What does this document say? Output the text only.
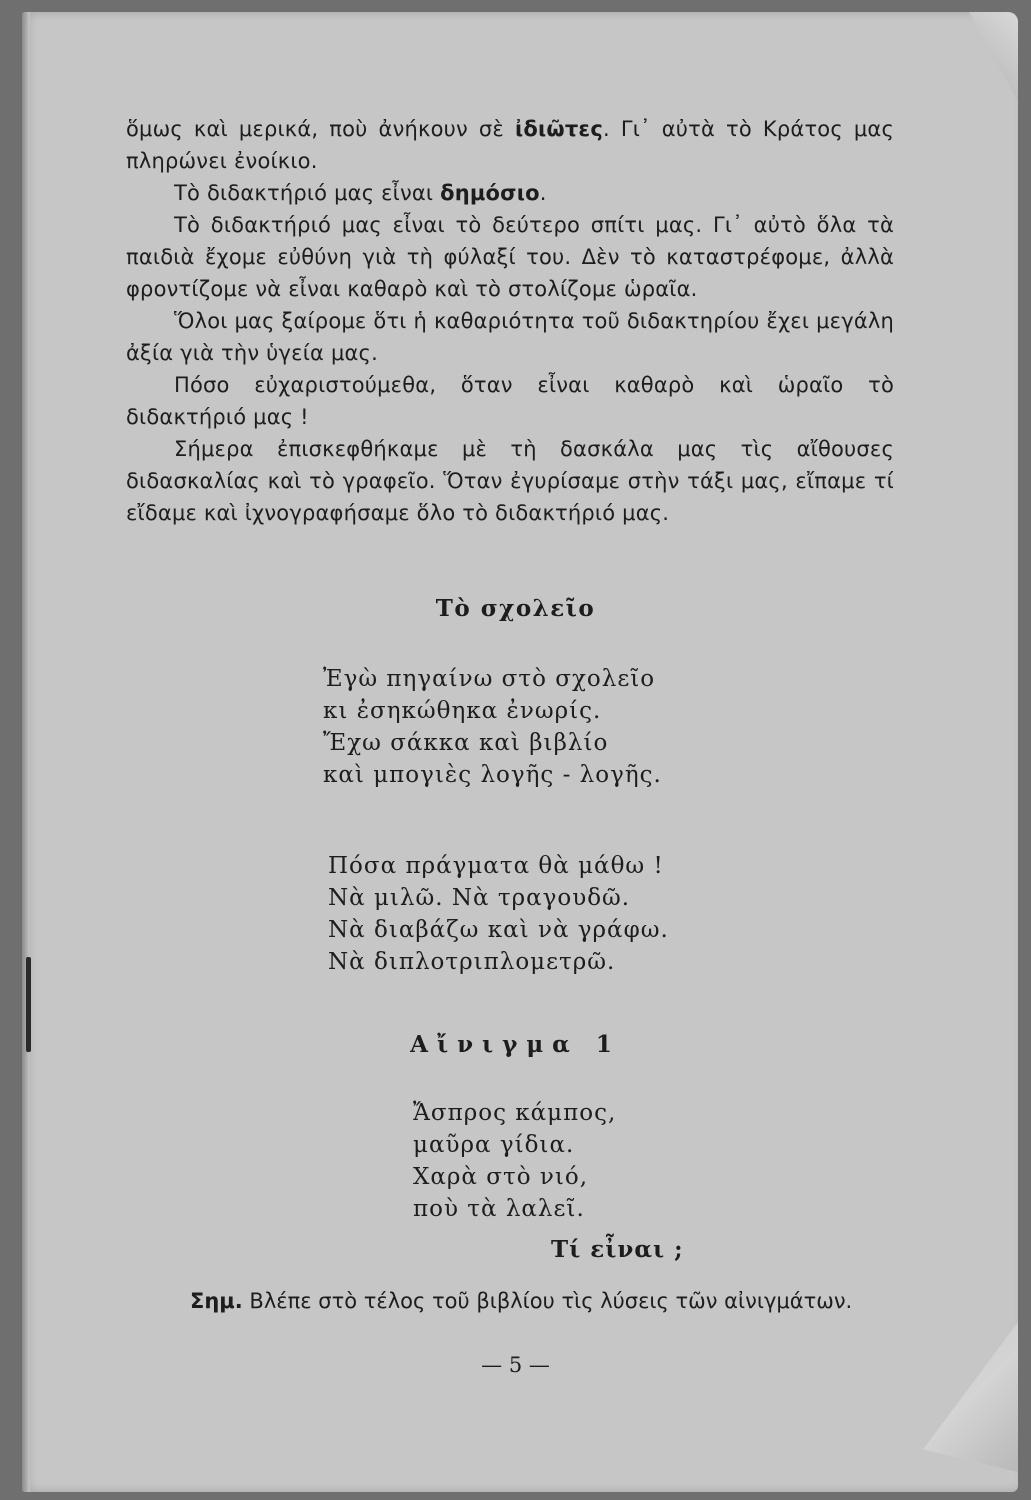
ὅμως καὶ μερικά, ποὺ ἀνήκουν σὲ ἰδιῶτες. Γι᾽ αὐτὰ τὸ Κράτος μας πληρώνει ἐνοίκιο.

Τὸ διδακτήριό μας εἶναι δημόσιο.

Τὸ διδακτήριό μας εἶναι τὸ δεύτερο σπίτι μας. Γι᾽ αὐτὸ ὅλα τὰ παιδιὰ ἔχομε εὐθύνη γιὰ τὴ φύλαξί του. Δὲν τὸ καταστρέφομε, ἀλλὰ φροντίζομε νὰ εἶναι καθαρὸ καὶ τὸ στολίζομε ὡραῖα.

Ὅλοι μας ξαίρομε ὅτι ἡ καθαριότητα τοῦ διδακτηρίου ἔχει μεγάλη ἀξία γιὰ τὴν ὑγεία μας.

Πόσο εὐχαριστούμεθα, ὅταν εἶναι καθαρὸ καὶ ὡραῖο τὸ διδακτήριό μας !

Σήμερα ἐπισκεφθήκαμε μὲ τὴ δασκάλα μας τὶς αἴθουσες διδασκαλίας καὶ τὸ γραφεῖο. Ὅταν ἐγυρίσαμε στὴν τάξι μας, εἴπαμε τί εἴδαμε καὶ ἰχνογραφήσαμε ὅλο τὸ διδακτήριό μας.

Τὸ σχολεῖο
Ἐγὼ πηγαίνω στὸ σχολεῖο
κι ἐσηκώθηκα ἐνωρίς.
Ἔχω σάκκα καὶ βιβλίο
καὶ μπογιὲς λογῆς - λογῆς.
Πόσα πράγματα θὰ μάθω !
Νὰ μιλῶ. Νὰ τραγουδῶ.
Νὰ διαβάζω καὶ νὰ γράφω.
Νὰ διπλοτριπλομετρῶ.
Αἴνιγμα 1
Ἄσπρος κάμπος,
μαῦρα γίδια.
Χαρὰ στὸ νιό,
ποὺ τὰ λαλεῖ.
Τί εἶναι ;
Σημ. Βλέπε στὸ τέλος τοῦ βιβλίου τὶς λύσεις τῶν αἰνιγμάτων.
— 5 —
